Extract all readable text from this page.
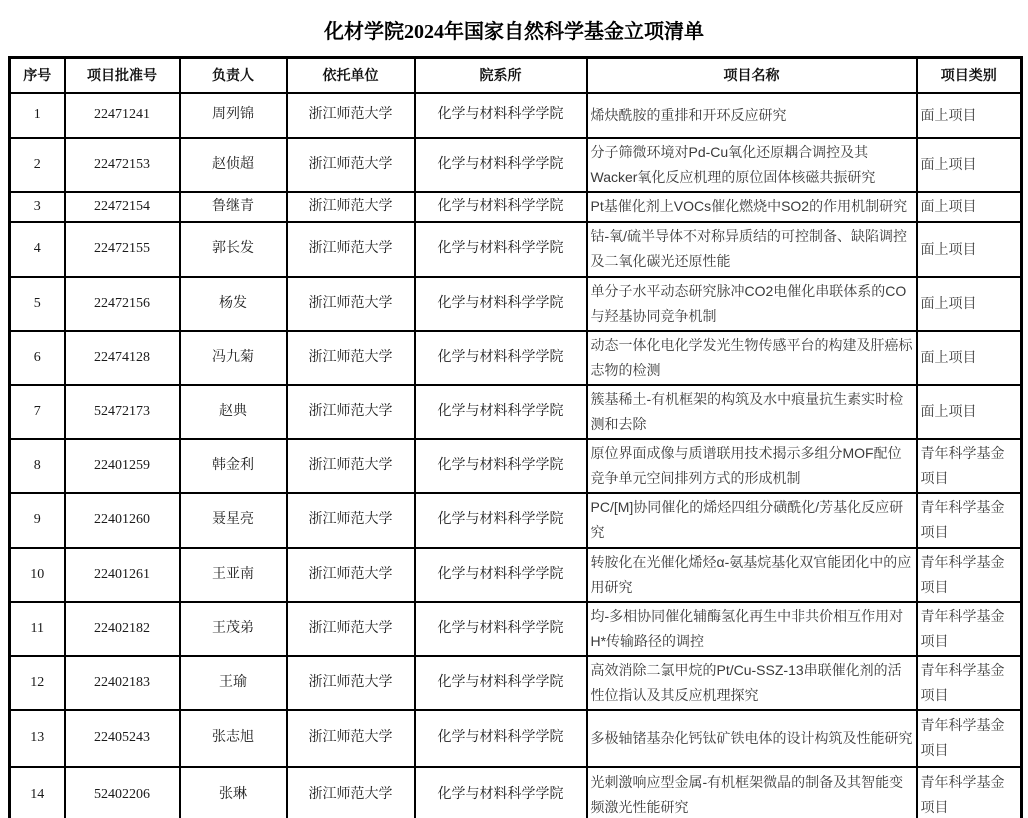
化材学院2024年国家自然科学基金立项清单
序号	项目批准号	负责人	依托单位	院系所	项目名称	项目类别
1	22471241	周列锦	浙江师范大学	化学与材料科学学院	烯炔酰胺的重排和开环反应研究	面上项目
2	22472153	赵侦超	浙江师范大学	化学与材料科学学院	分子筛微环境对Pd-Cu氧化还原耦合调控及其Wacker氧化反应机理的原位固体核磁共振研究	面上项目
3	22472154	鲁继青	浙江师范大学	化学与材料科学学院	Pt基催化剂上VOCs催化燃烧中SO2的作用机制研究	面上项目
4	22472155	郭长发	浙江师范大学	化学与材料科学学院	钴-氧/硫半导体不对称异质结的可控制备、缺陷调控及二氧化碳光还原性能	面上项目
5	22472156	杨发	浙江师范大学	化学与材料科学学院	单分子水平动态研究脉冲CO2电催化串联体系的CO与羟基协同竞争机制	面上项目
6	22474128	冯九菊	浙江师范大学	化学与材料科学学院	动态一体化电化学发光生物传感平台的构建及肝癌标志物的检测	面上项目
7	52472173	赵典	浙江师范大学	化学与材料科学学院	簇基稀土-有机框架的构筑及水中痕量抗生素实时检测和去除	面上项目
8	22401259	韩金利	浙江师范大学	化学与材料科学学院	原位界面成像与质谱联用技术揭示多组分MOF配位竞争单元空间排列方式的形成机制	青年科学基金项目
9	22401260	聂星亮	浙江师范大学	化学与材料科学学院	PC/[M]协同催化的烯烃四组分磺酰化/芳基化反应研究	青年科学基金项目
10	22401261	王亚南	浙江师范大学	化学与材料科学学院	转胺化在光催化烯烃α-氨基烷基化双官能团化中的应用研究	青年科学基金项目
11	22402182	王茂弟	浙江师范大学	化学与材料科学学院	均-多相协同催化辅酶氢化再生中非共价相互作用对H*传输路径的调控	青年科学基金项目
12	22402183	王瑜	浙江师范大学	化学与材料科学学院	高效消除二氯甲烷的Pt/Cu-SSZ-13串联催化剂的活性位指认及其反应机理探究	青年科学基金项目
13	22405243	张志旭	浙江师范大学	化学与材料科学学院	多极轴锗基杂化钙钛矿铁电体的设计构筑及性能研究	青年科学基金项目
14	52402206	张琳	浙江师范大学	化学与材料科学学院	光刺激响应型金属-有机框架微晶的制备及其智能变频激光性能研究	青年科学基金项目
